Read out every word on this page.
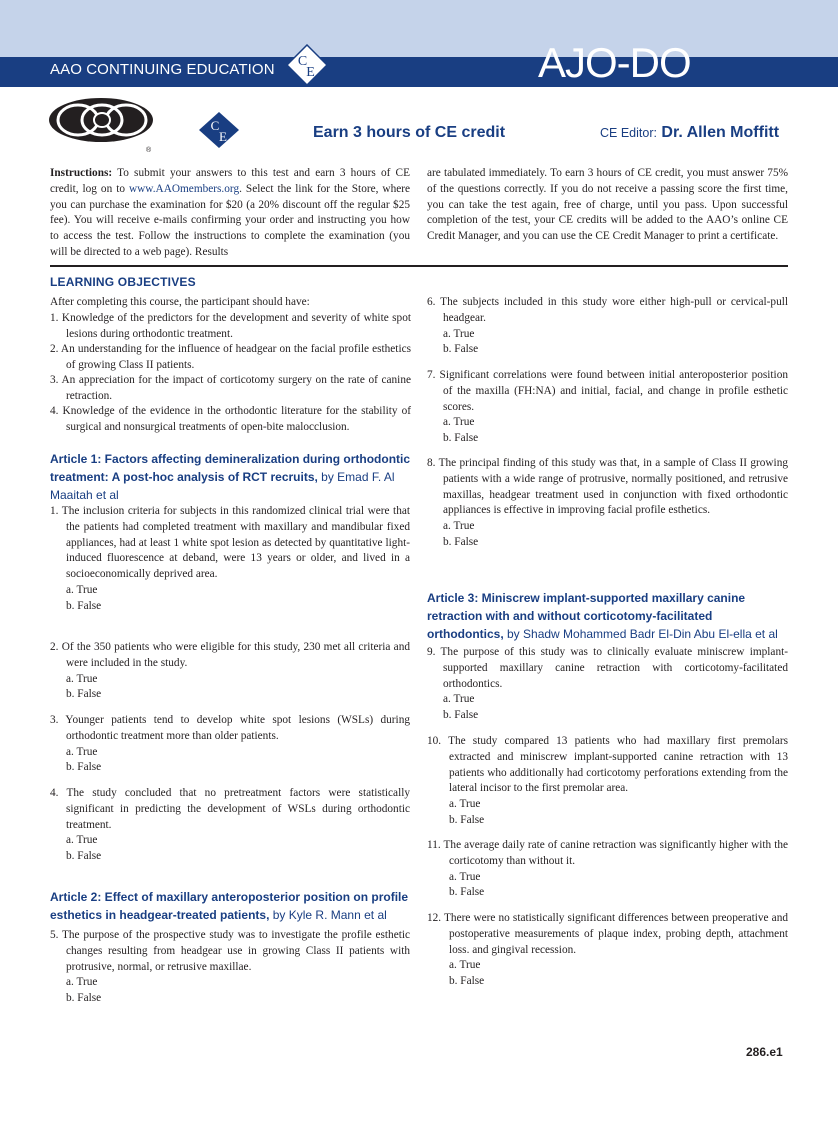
AAO CONTINUING EDUCATION	AJO-DO
C
E
®
C
E	Earn 3 hours of CE credit	CE Editor: Dr. Allen Moffitt
Instructions: To submit your answers to this test and earn 3 hours of CE credit, log on to www.AAOmembers.org. Select the link for the Store, where you can purchase the examination for $20 (a 20% discount off the regular $25 fee). You will receive e-mails confirming your order and instructing you how to access the test. Follow the instructions to complete the examination (you will be directed to a web page). Results
are tabulated immediately. To earn 3 hours of CE credit, you must answer 75% of the questions correctly. If you do not receive a passing score the first time, you can take the test again, free of charge, until you pass. Upon successful completion of the test, your CE credits will be added to the AAO’s online CE Credit Manager, and you can use the CE Credit Manager to print a certificate.
LEARNING OBJECTIVES
After completing this course, the participant should have:
1. Knowledge of the predictors for the development and severity of white spot lesions during orthodontic treatment.
2. An understanding for the influence of headgear on the facial profile esthetics of growing Class II patients.
3. An appreciation for the impact of corticotomy surgery on the rate of canine retraction.
4. Knowledge of the evidence in the orthodontic literature for the stability of surgical and nonsurgical treatments of open-bite malocclusion.
Article 1: Factors affecting demineralization during orthodontic treatment: A post-hoc analysis of RCT recruits, by Emad F. Al Maaitah et al
1. The inclusion criteria for subjects in this randomized clinical trial were that the patients had completed treatment with maxillary and mandibular fixed appliances, had at least 1 white spot lesion as detected by quantitative light-induced fluorescence at deband, were 13 years or older, and lived in a socioeconomically deprived area.
a. True
b. False
2. Of the 350 patients who were eligible for this study, 230 met all criteria and were included in the study.
a. True
b. False
3. Younger patients tend to develop white spot lesions (WSLs) during orthodontic treatment more than older patients.
a. True
b. False
4. The study concluded that no pretreatment factors were statistically significant in predicting the development of WSLs during orthodontic treatment.
a. True
b. False
Article 2: Effect of maxillary anteroposterior position on profile esthetics in headgear-treated patients, by Kyle R. Mann et al
5. The purpose of the prospective study was to investigate the profile esthetic changes resulting from headgear use in growing Class II patients with protrusive, normal, or retrusive maxillae.
a. True
b. False
6. The subjects included in this study wore either high-pull or cervical-pull headgear.
a. True
b. False
7. Significant correlations were found between initial anteroposterior position of the maxilla (FH:NA) and initial, facial, and change in profile esthetic scores.
a. True
b. False
8. The principal finding of this study was that, in a sample of Class II growing patients with a wide range of protrusive, normally positioned, and retrusive maxillas, headgear treatment used in conjunction with fixed orthodontic appliances is effective in improving facial profile esthetics.
a. True
b. False
Article 3: Miniscrew implant-supported maxillary canine retraction with and without corticotomy-facilitated orthodontics, by Shadw Mohammed Badr El-Din Abu El-ella et al
9. The purpose of this study was to clinically evaluate miniscrew implant-supported maxillary canine retraction with corticotomy-facilitated orthodontics.
a. True
b. False
10. The study compared 13 patients who had maxillary first premolars extracted and miniscrew implant-supported canine retraction with 13 patients who additionally had corticotomy perforations extending from the lateral incisor to the first premolar area.
a. True
b. False
11. The average daily rate of canine retraction was significantly higher with the corticotomy than without it.
a. True
b. False
12. There were no statistically significant differences between preoperative and postoperative measurements of plaque index, probing depth, attachment loss. and gingival recession.
a. True
b. False
286.e1
